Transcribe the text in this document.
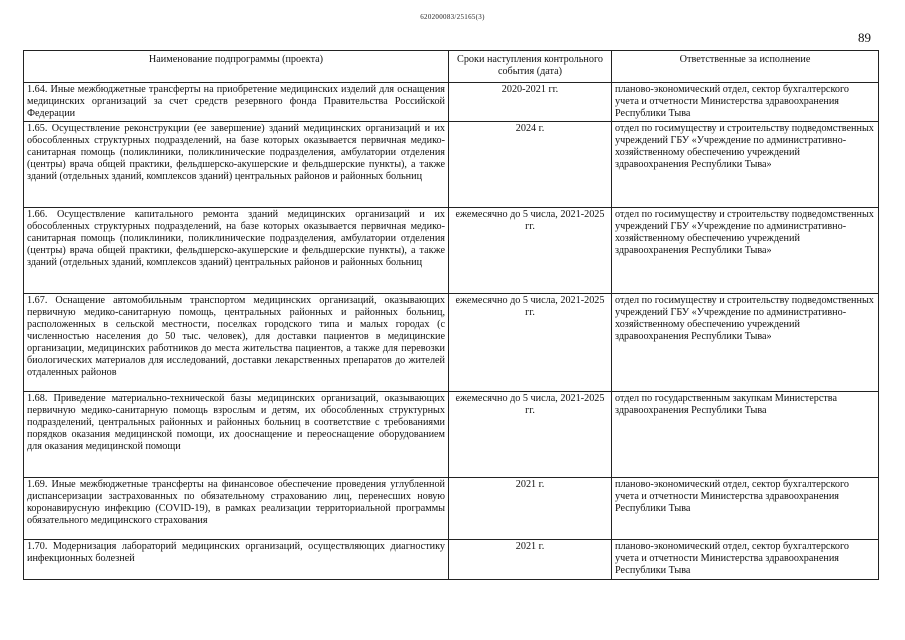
620200083/25165(3)
89
Наименование подпрограммы (проекта)	Сроки наступления контрольного события (дата)	Ответственные за исполнение
1.64. Иные межбюджетные трансферты на приобретение медицинских изделий для оснащения медицинских организаций за счет средств резервного фонда Правительства Российской Федерации	2020-2021 гг.	планово-экономический отдел, сектор бухгалтерского учета и отчетности Министерства здравоохранения Республики Тыва
1.65. Осуществление реконструкции (ее завершение) зданий медицинских организаций и их обособленных структурных подразделений, на базе которых оказывается первичная медико-санитарная помощь (поликлиники, поликлинические подразделения, амбулатории отделения (центры) врача общей практики, фельдшерско-акушерские и фельдшерские пункты), а также зданий (отдельных зданий, комплексов зданий) центральных районов и районных больниц	2024 г.	отдел по госимуществу и строительству подведомственных учреждений ГБУ «Учреждение по административно-хозяйственному обеспечению учреждений здравоохранения Республики Тыва»
1.66. Осуществление капитального ремонта зданий медицинских организаций и их обособленных структурных подразделений, на базе которых оказывается первичная медико-санитарная помощь (поликлиники, поликлинические подразделения, амбулатории отделения (центры) врача общей практики, фельдшерско-акушерские и фельдшерские пункты), а также зданий (отдельных зданий, комплексов зданий) центральных районов и районных больниц	ежемесячно до 5 числа, 2021-2025 гг.	отдел по госимуществу и строительству подведомственных учреждений ГБУ «Учреждение по административно-хозяйственному обеспечению учреждений здравоохранения Республики Тыва»
1.67. Оснащение автомобильным транспортом медицинских организаций, оказывающих первичную медико-санитарную помощь, центральных районных и районных больниц, расположенных в сельской местности, поселках городского типа и малых городах (с численностью населения до 50 тыс. человек), для доставки пациентов в медицинские организации, медицинских работников до места жительства пациентов, а также для перевозки биологических материалов для исследований, доставки лекарственных препаратов до жителей отдаленных районов	ежемесячно до 5 числа, 2021-2025 гг.	отдел по госимуществу и строительству подведомственных учреждений ГБУ «Учреждение по административно-хозяйственному обеспечению учреждений здравоохранения Республики Тыва»
1.68. Приведение материально-технической базы медицинских организаций, оказывающих первичную медико-санитарную помощь взрослым и детям, их обособленных структурных подразделений, центральных районных и районных больниц в соответствие с требованиями порядков оказания медицинской помощи, их дооснащение и переоснащение оборудованием для оказания медицинской помощи	ежемесячно до 5 числа, 2021-2025 гг.	отдел по государственным закупкам Министерства здравоохранения Республики Тыва
1.69. Иные межбюджетные трансферты на финансовое обеспечение проведения углубленной диспансеризации застрахованных по обязательному страхованию лиц, перенесших новую коронавирусную инфекцию (COVID-19), в рамках реализации территориальной программы обязательного медицинского страхования	2021 г.	планово-экономический отдел, сектор бухгалтерского учета и отчетности Министерства здравоохранения Республики Тыва
1.70. Модернизация лабораторий медицинских организаций, осуществляющих диагностику инфекционных болезней	2021 г.	планово-экономический отдел, сектор бухгалтерского учета и отчетности Министерства здравоохранения Республики Тыва
